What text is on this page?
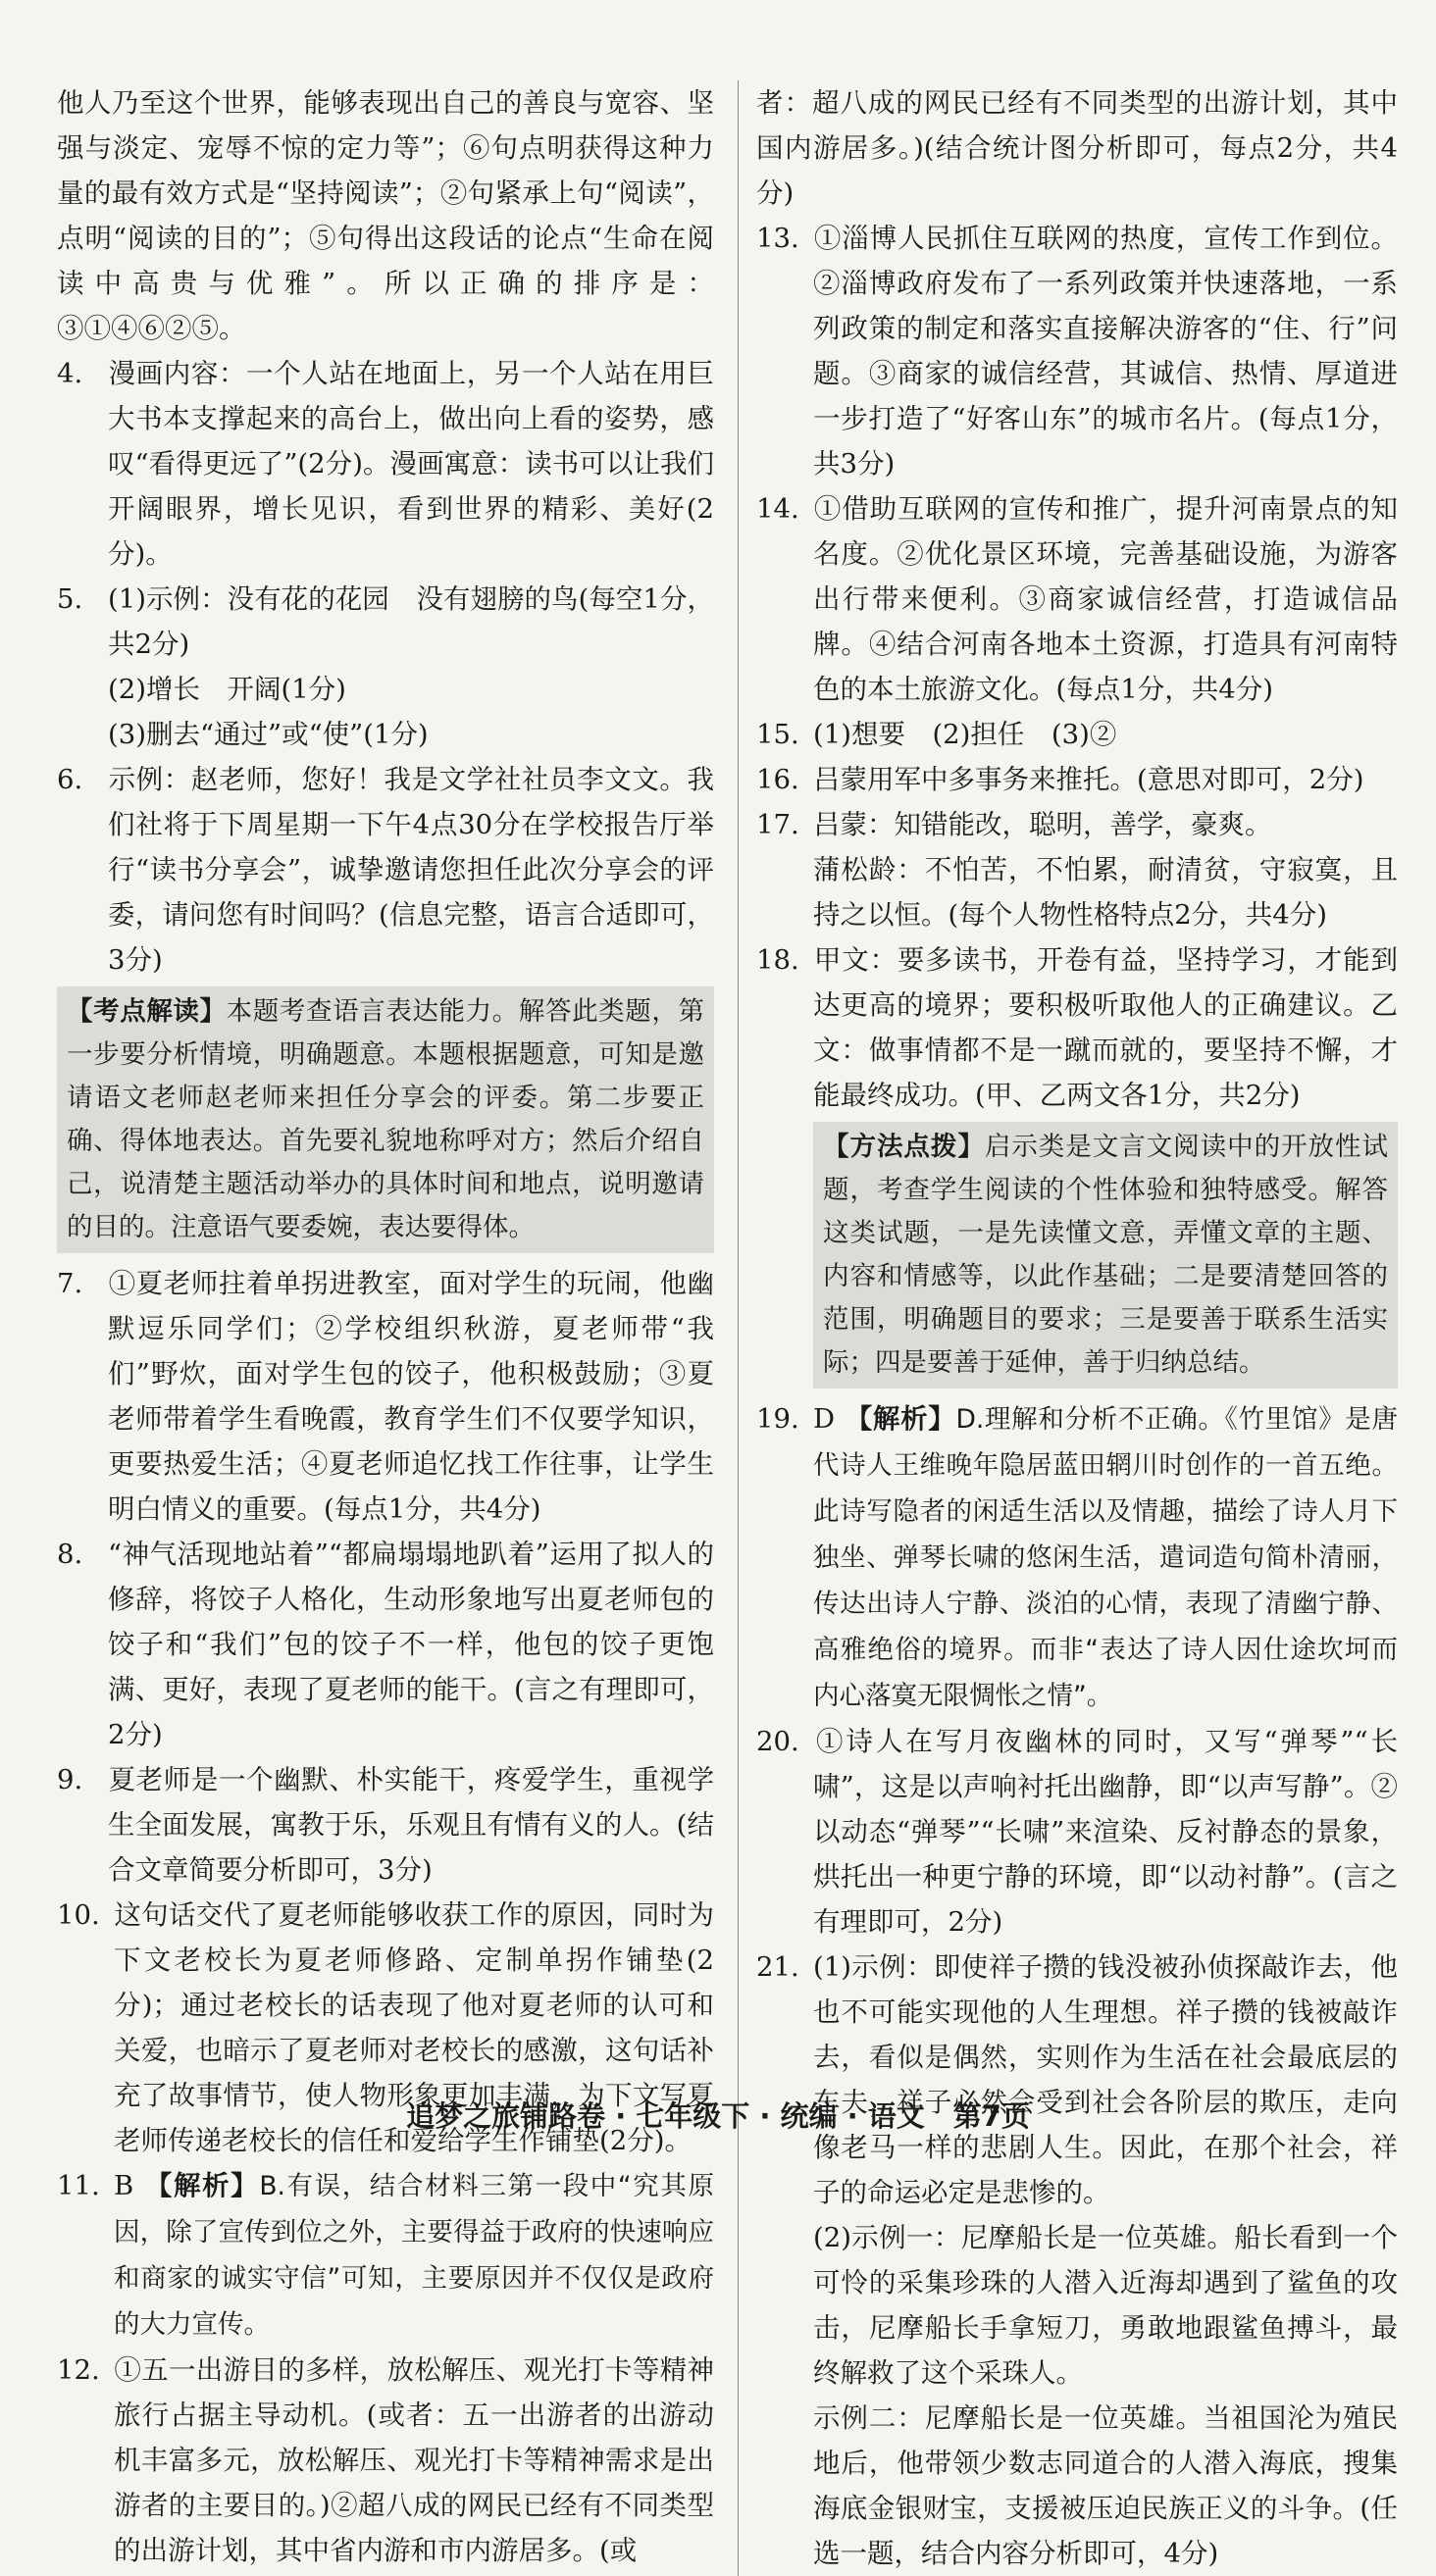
他人乃至这个世界，能够表现出自己的善良与宽容、坚强与淡定、宠辱不惊的定力等”；⑥句点明获得这种力量的最有效方式是“坚持阅读”；②句紧承上句“阅读”，点明“阅读的目的”；⑤句得出这段话的论点“生命在阅读中高贵与优雅”。所以正确的排序是：③①④⑥②⑤。

4. 漫画内容：一个人站在地面上，另一个人站在用巨大书本支撑起来的高台上，做出向上看的姿势，感叹“看得更远了”(2分)。漫画寓意：读书可以让我们开阔眼界，增长见识，看到世界的精彩、美好(2分)。

5. (1)示例：没有花的花园　没有翅膀的鸟(每空1分，共2分)

(2)增长　开阔(1分)

(3)删去“通过”或“使”(1分)

6. 示例：赵老师，您好！我是文学社社员李文文。我们社将于下周星期一下午4点30分在学校报告厅举行“读书分享会”，诚挚邀请您担任此次分享会的评委，请问您有时间吗？(信息完整，语言合适即可，3分)

【考点解读】本题考查语言表达能力。解答此类题，第一步要分析情境，明确题意。本题根据题意，可知是邀请语文老师赵老师来担任分享会的评委。第二步要正确、得体地表达。首先要礼貌地称呼对方；然后介绍自己，说清楚主题活动举办的具体时间和地点，说明邀请的目的。注意语气要委婉，表达要得体。

7. ①夏老师拄着单拐进教室，面对学生的玩闹，他幽默逗乐同学们；②学校组织秋游，夏老师带“我们”野炊，面对学生包的饺子，他积极鼓励；③夏老师带着学生看晚霞，教育学生们不仅要学知识，更要热爱生活；④夏老师追忆找工作往事，让学生明白情义的重要。(每点1分，共4分)

8. “神气活现地站着”“都扁塌塌地趴着”运用了拟人的修辞，将饺子人格化，生动形象地写出夏老师包的饺子和“我们”包的饺子不一样，他包的饺子更饱满、更好，表现了夏老师的能干。(言之有理即可，2分)

9. 夏老师是一个幽默、朴实能干，疼爱学生，重视学生全面发展，寓教于乐，乐观且有情有义的人。(结合文章简要分析即可，3分)

10. 这句话交代了夏老师能够收获工作的原因，同时为下文老校长为夏老师修路、定制单拐作铺垫(2分)；通过老校长的话表现了他对夏老师的认可和关爱，也暗示了夏老师对老校长的感激，这句话补充了故事情节，使人物形象更加丰满，为下文写夏老师传递老校长的信任和爱给学生作铺垫(2分)。

11. B 【解析】B.有误，结合材料三第一段中“究其原因，除了宣传到位之外，主要得益于政府的快速响应和商家的诚实守信”可知，主要原因并不仅仅是政府的大力宣传。

12. ①五一出游目的多样，放松解压、观光打卡等精神旅行占据主导动机。(或者：五一出游者的出游动机丰富多元，放松解压、观光打卡等精神需求是出游者的主要目的。)②超八成的网民已经有不同类型的出游计划，其中省内游和市内游居多。(或

者：超八成的网民已经有不同类型的出游计划，其中国内游居多。)(结合统计图分析即可，每点2分，共4分)

13. ①淄博人民抓住互联网的热度，宣传工作到位。②淄博政府发布了一系列政策并快速落地，一系列政策的制定和落实直接解决游客的“住、行”问题。③商家的诚信经营，其诚信、热情、厚道进一步打造了“好客山东”的城市名片。(每点1分，共3分)

14. ①借助互联网的宣传和推广，提升河南景点的知名度。②优化景区环境，完善基础设施，为游客出行带来便利。③商家诚信经营，打造诚信品牌。④结合河南各地本土资源，打造具有河南特色的本土旅游文化。(每点1分，共4分)

15. (1)想要　(2)担任　(3)②

16. 吕蒙用军中多事务来推托。(意思对即可，2分)

17. 吕蒙：知错能改，聪明，善学，豪爽。

蒲松龄：不怕苦，不怕累，耐清贫，守寂寞，且持之以恒。(每个人物性格特点2分，共4分)

18. 甲文：要多读书，开卷有益，坚持学习，才能到达更高的境界；要积极听取他人的正确建议。乙文：做事情都不是一蹴而就的，要坚持不懈，才能最终成功。(甲、乙两文各1分，共2分)

【方法点拨】启示类是文言文阅读中的开放性试题，考查学生阅读的个性体验和独特感受。解答这类试题，一是先读懂文意，弄懂文章的主题、内容和情感等，以此作基础；二是要清楚回答的范围，明确题目的要求；三是要善于联系生活实际；四是要善于延伸，善于归纳总结。

19. D 【解析】D.理解和分析不正确。《竹里馆》是唐代诗人王维晚年隐居蓝田辋川时创作的一首五绝。此诗写隐者的闲适生活以及情趣，描绘了诗人月下独坐、弹琴长啸的悠闲生活，遣词造句简朴清丽，传达出诗人宁静、淡泊的心情，表现了清幽宁静、高雅绝俗的境界。而非“表达了诗人因仕途坎坷而内心落寞无限惆怅之情”。

20. ①诗人在写月夜幽林的同时，又写“弹琴”“长啸”，这是以声响衬托出幽静，即“以声写静”。②以动态“弹琴”“长啸”来渲染、反衬静态的景象，烘托出一种更宁静的环境，即“以动衬静”。(言之有理即可，2分)

21. (1)示例：即使祥子攒的钱没被孙侦探敲诈去，他也不可能实现他的人生理想。祥子攒的钱被敲诈去，看似是偶然，实则作为生活在社会最底层的车夫，祥子必然会受到社会各阶层的欺压，走向像老马一样的悲剧人生。因此，在那个社会，祥子的命运必定是悲惨的。

(2)示例一：尼摩船长是一位英雄。船长看到一个可怜的采集珍珠的人潜入近海却遇到了鲨鱼的攻击，尼摩船长手拿短刀，勇敢地跟鲨鱼搏斗，最终解救了这个采珠人。

示例二：尼摩船长是一位英雄。当祖国沦为殖民地后，他带领少数志同道合的人潜入海底，搜集海底金银财宝，支援被压迫民族正义的斗争。(任选一题，结合内容分析即可，4分)

追梦之旅铺路卷 · 七年级下 · 统编 · 语文　第7页
